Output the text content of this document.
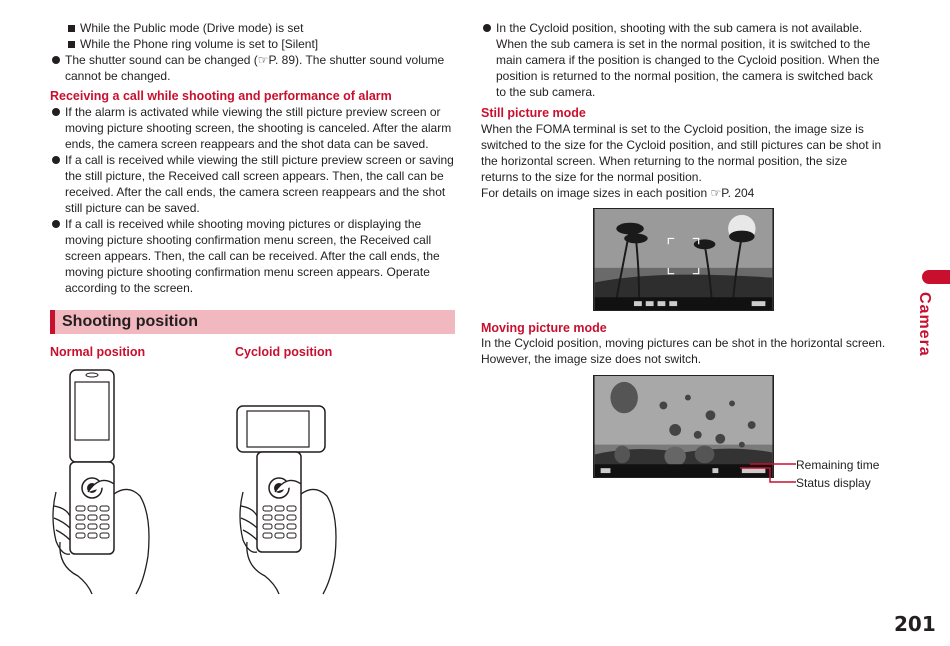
While the Public mode (Drive mode) is set
While the Phone ring volume is set to [Silent]
The shutter sound can be changed (☞P. 89). The shutter sound volume
cannot be changed.
Receiving a call while shooting and performance of alarm
If the alarm is activated while viewing the still picture preview screen or
moving picture shooting screen, the shooting is canceled. After the alarm
ends, the camera screen reappears and the shot data can be saved.
If a call is received while viewing the still picture preview screen or saving
the still picture, the Received call screen appears. Then, the call can be
received. After the call ends, the camera screen reappears and the shot
still picture can be saved.
If a call is received while shooting moving pictures or displaying the
moving picture shooting confirmation menu screen, the Received call
screen appears. Then, the call can be received. After the call ends, the
moving picture shooting confirmation menu screen appears. Operate
according to the screen.
Shooting position
Normal position	Cycloid position
In the Cycloid position, shooting with the sub camera is not available.
When the sub camera is set in the normal position, it is switched to the
main camera if the position is changed to the Cycloid position. When the
position is returned to the normal position, the camera is switched back
to the sub camera.
Still picture mode
When the FOMA terminal is set to the Cycloid position, the image size is
switched to the size for the Cycloid position, and still pictures can be shot in
the horizontal screen. When returning to the normal position, the size
returns to the size for the normal position.
For details on image sizes in each position ☞P. 204
Moving picture mode
In the Cycloid position, moving pictures can be shot in the horizontal screen.
However, the image size does not switch.
Remaining time
Status display
Camera
201
